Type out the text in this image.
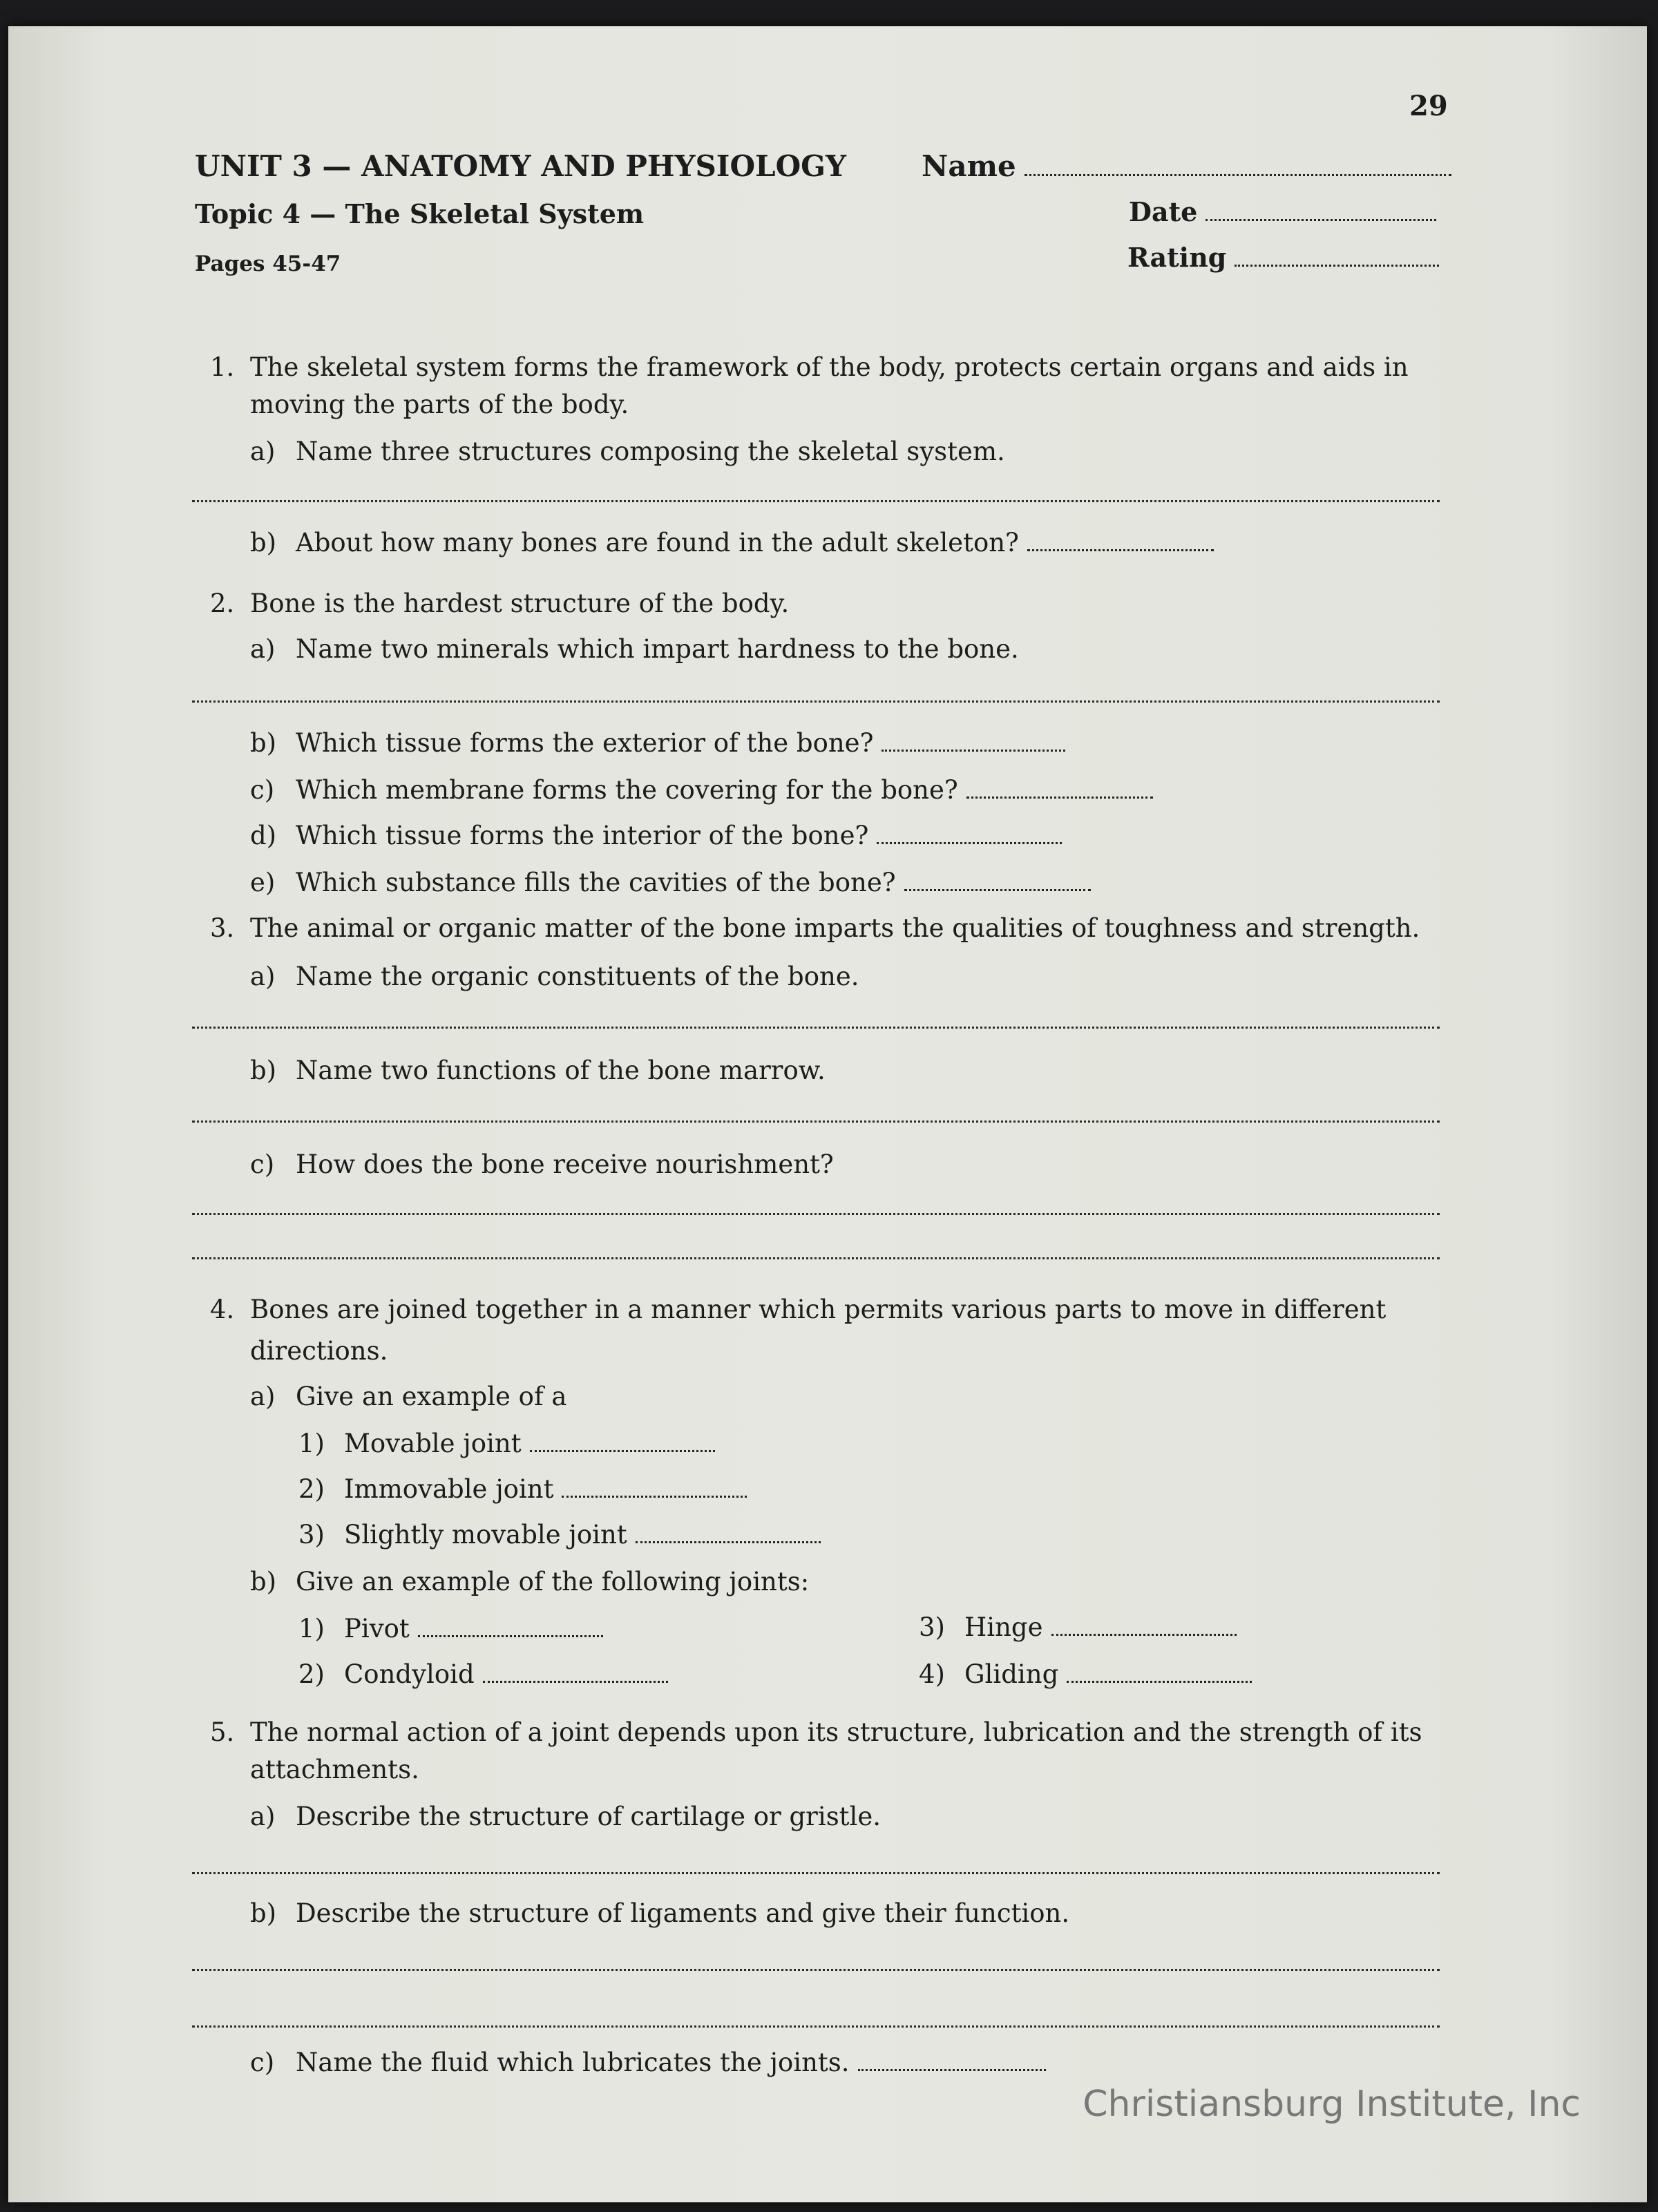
29
UNIT 3 — ANATOMY AND PHYSIOLOGY	Name
Topic 4 — The Skeletal System	Date
Pages 45-47	Rating
1. The skeletal system forms the framework of the body, protects certain organs and aids in
moving the parts of the body.
a) Name three structures composing the skeletal system.
b) About how many bones are found in the adult skeleton?
2. Bone is the hardest structure of the body.
a) Name two minerals which impart hardness to the bone.
b) Which tissue forms the exterior of the bone?
c) Which membrane forms the covering for the bone?
d) Which tissue forms the interior of the bone?
e) Which substance fills the cavities of the bone?
3. The animal or organic matter of the bone imparts the qualities of toughness and strength.
a) Name the organic constituents of the bone.
b) Name two functions of the bone marrow.
c) How does the bone receive nourishment?
4. Bones are joined together in a manner which permits various parts to move in different
directions.
a) Give an example of a
1) Movable joint
2) Immovable joint
3) Slightly movable joint
b) Give an example of the following joints:
1) Pivot	3) Hinge
2) Condyloid	4) Gliding
5. The normal action of a joint depends upon its structure, lubrication and the strength of its
attachments.
a) Describe the structure of cartilage or gristle.
b) Describe the structure of ligaments and give their function.
c) Name the fluid which lubricates the joints.
Christiansburg Institute, Inc
